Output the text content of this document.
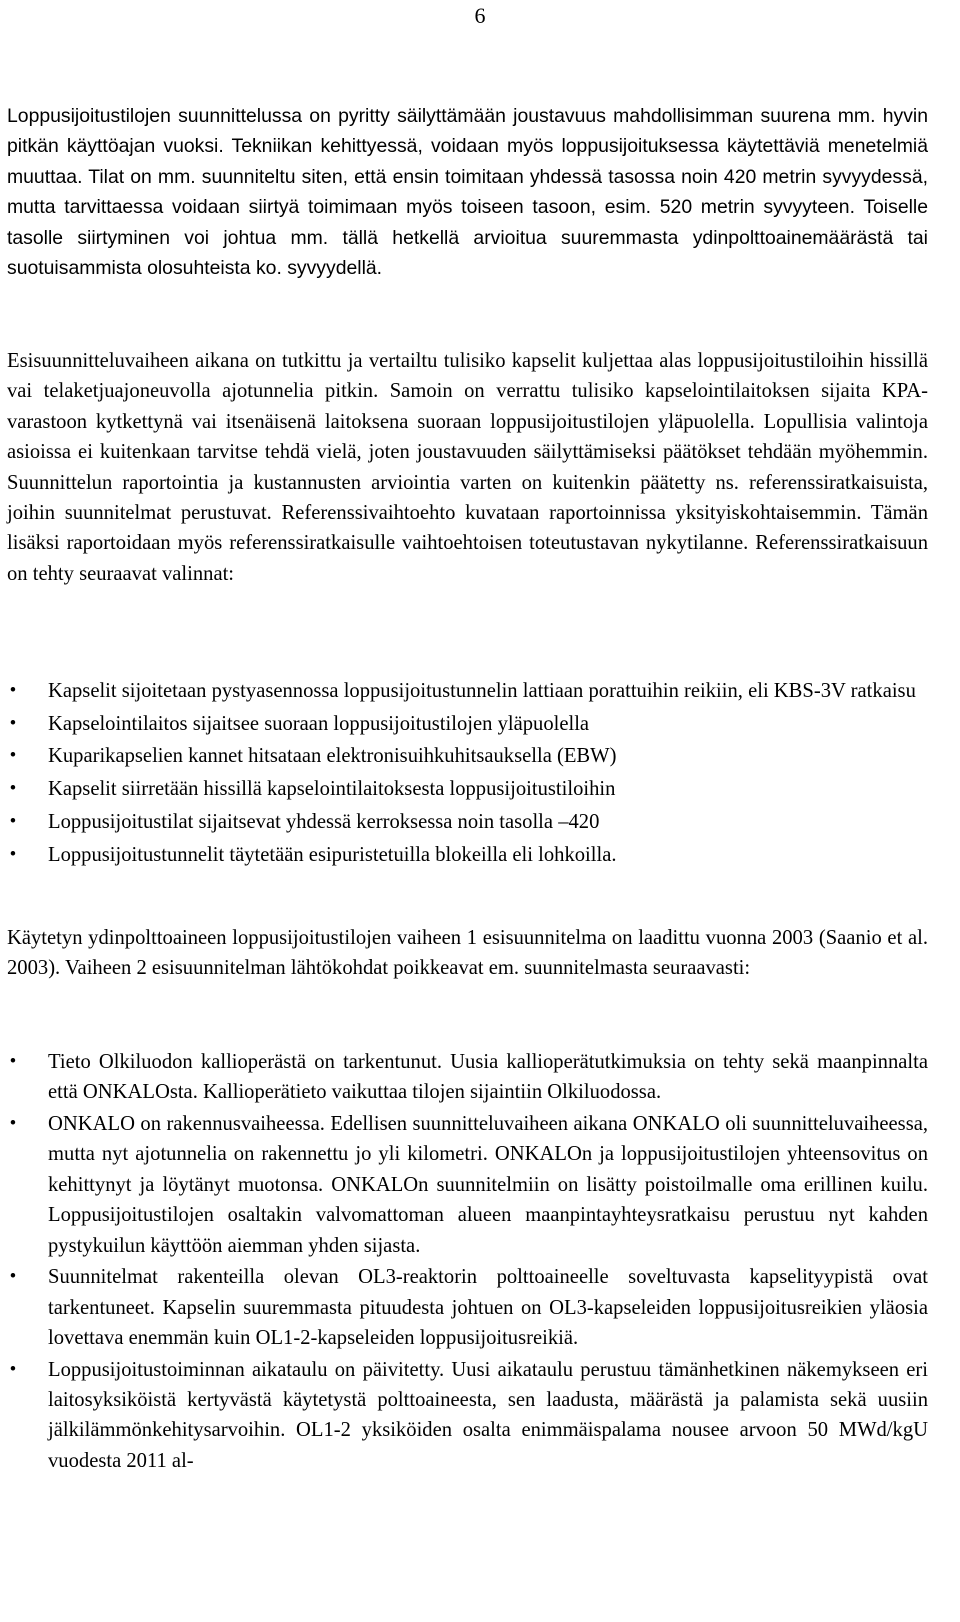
6

Loppusijoitustilojen suunnittelussa on pyritty säilyttämään joustavuus mahdollisimman suurena mm. hyvin pitkän käyttöajan vuoksi. Tekniikan kehittyessä, voidaan myös loppusijoituksessa käytettäviä menetelmiä muuttaa. Tilat on mm. suunniteltu siten, että ensin toimitaan yhdessä tasossa noin 420 metrin syvyydessä, mutta tarvittaessa voidaan siirtyä toimimaan myös toiseen tasoon, esim. 520 metrin syvyyteen. Toiselle tasolle siirtyminen voi johtua mm. tällä hetkellä arvioitua suuremmasta ydinpolttoainemäärästä tai suotuisammista olosuhteista ko. syvyydellä.

Esisuunnitteluvaiheen aikana on tutkittu ja vertailtu tulisiko kapselit kuljettaa alas loppusijoitustiloihin hissillä vai telaketjuajoneuvolla ajotunnelia pitkin. Samoin on verrattu tulisiko kapselointilaitoksen sijaita KPA-varastoon kytkettynä vai itsenäisenä laitoksena suoraan loppusijoitustilojen yläpuolella. Lopullisia valintoja asioissa ei kuitenkaan tarvitse tehdä vielä, joten joustavuuden säilyttämiseksi päätökset tehdään myöhemmin. Suunnittelun raportointia ja kustannusten arviointia varten on kuitenkin päätetty ns. referenssiratkaisuista, joihin suunnitelmat perustuvat. Referenssivaihtoehto kuvataan raportoinnissa yksityiskohtaisemmin. Tämän lisäksi raportoidaan myös referenssiratkaisulle vaihtoehtoisen toteutustavan nykytilanne. Referenssiratkaisuun on tehty seuraavat valinnat:

• Kapselit sijoitetaan pystyasennossa loppusijoitustunnelin lattiaan porattuihin reikiin, eli KBS-3V ratkaisu
• Kapselointilaitos sijaitsee suoraan loppusijoitustilojen yläpuolella
• Kuparikapselien kannet hitsataan elektronisuihkuhitsauksella (EBW)
• Kapselit siirretään hissillä kapselointilaitoksesta loppusijoitustiloihin
• Loppusijoitustilat sijaitsevat yhdessä kerroksessa noin tasolla –420
• Loppusijoitustunnelit täytetään esipuristetuilla blokeilla eli lohkoilla.

Käytetyn ydinpolttoaineen loppusijoitustilojen vaiheen 1 esisuunnitelma on laadittu vuonna 2003 (Saanio et al. 2003). Vaiheen 2 esisuunnitelman lähtökohdat poikkeavat em. suunnitelmasta seuraavasti:

• Tieto Olkiluodon kallioperästä on tarkentunut. Uusia kallioperätutkimuksia on tehty sekä maanpinnalta että ONKALOsta. Kallioperätieto vaikuttaa tilojen sijaintiin Olkiluodossa.
• ONKALO on rakennusvaiheessa. Edellisen suunnitteluvaiheen aikana ONKALO oli suunnitteluvaiheessa, mutta nyt ajotunnelia on rakennettu jo yli kilometri. ONKALOn ja loppusijoitustilojen yhteensovitus on kehittynyt ja löytänyt muotonsa. ONKALOn suunnitelmiin on lisätty poistoilmalle oma erillinen kuilu. Loppusijoitustilojen osaltakin valvomattoman alueen maanpintayhteysratkaisu perustuu nyt kahden pystykuilun käyttöön aiemman yhden sijasta.
• Suunnitelmat rakenteilla olevan OL3-reaktorin polttoaineelle soveltuvasta kapselityypistä ovat tarkentuneet. Kapselin suuremmasta pituudesta johtuen on OL3-kapseleiden loppusijoitusreikien yläosia lovettava enemmän kuin OL1-2-kapseleiden loppusijoitusreikiä.
• Loppusijoitustoiminnan aikataulu on päivitetty. Uusi aikataulu perustuu tämänhetkinen näkemykseen eri laitosyksiköistä kertyvästä käytetystä polttoaineesta, sen laadusta, määrästä ja palamista sekä uusiin jälkilämmönkehitysarvoihin. OL1-2 yksiköiden osalta enimmäispalama nousee arvoon 50 MWd/kgU vuodesta 2011 al-
